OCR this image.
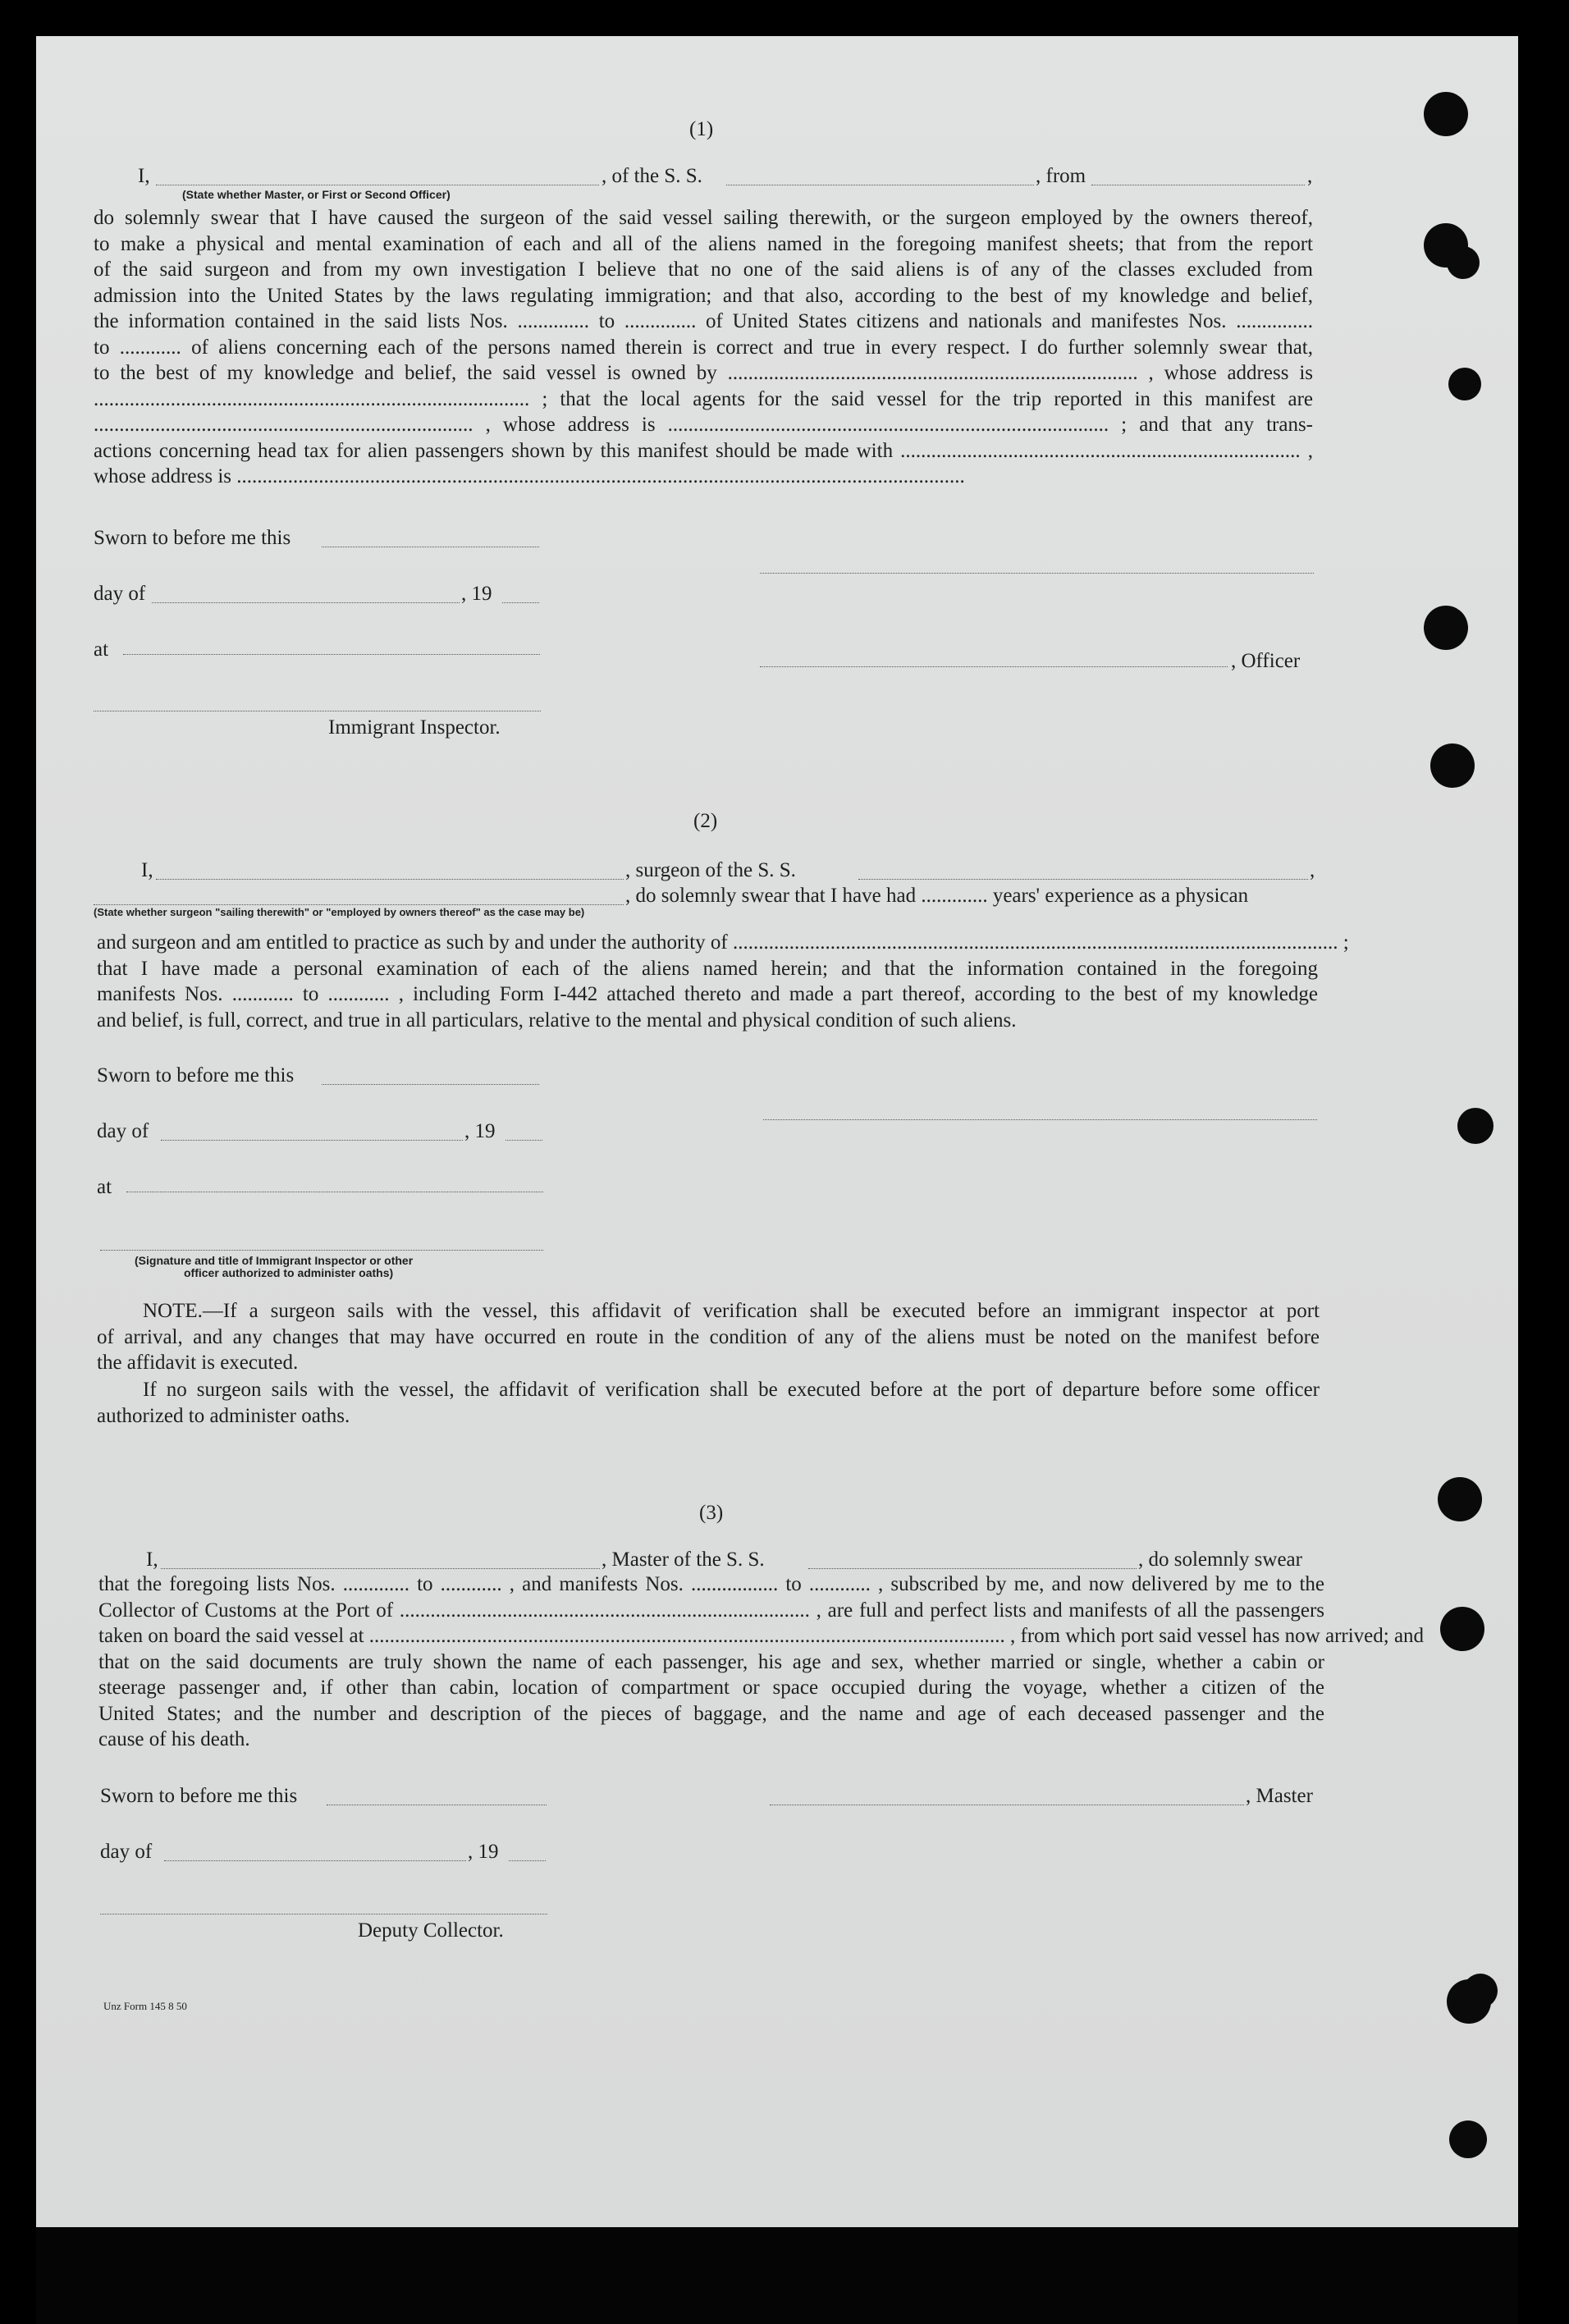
(1)
I,	, of the S. S.	, from	,
(State whether Master, or First or Second Officer)
do solemnly swear that I have caused the surgeon of the said vessel sailing therewith, or the surgeon employed by the owners thereof,
to make a physical and mental examination of each and all of the aliens named in the foregoing manifest sheets; that from the report
of the said surgeon and from my own investigation I believe that no one of the said aliens is of any of the classes excluded from
admission into the United States by the laws regulating immigration; and that also, according to the best of my knowledge and belief,
the information contained in the said lists Nos. .............. to .............. of United States citizens and nationals and manifestes Nos. ...............
to ............ of aliens concerning each of the persons named therein is correct and true in every respect. I do further solemnly swear that,
to the best of my knowledge and belief, the said vessel is owned by ................................................................................ , whose address is
..................................................................................... ; that the local agents for the said vessel for the trip reported in this manifest are
.......................................................................... , whose address is ...................................................................................... ; and that any trans-
actions concerning head tax for alien passengers shown by this manifest should be made with .............................................................................. ,
whose address is ..............................................................................................................................................
Sworn to before me this
day of	, 19
at
, Officer
Immigrant Inspector.
(2)
I,	, surgeon of the S. S.	,
, do solemnly swear that I have had ............. years' experience as a physican
(State whether surgeon "sailing therewith" or "employed by owners thereof" as the case may be)
and surgeon and am entitled to practice as such by and under the authority of ...................................................................................................................... ;
that I have made a personal examination of each of the aliens named herein; and that the information contained in the foregoing
manifests Nos. ............ to ............ , including Form I-442 attached thereto and made a part thereof, according to the best of my knowledge
and belief, is full, correct, and true in all particulars, relative to the mental and physical condition of such aliens.
Sworn to before me this
day of	, 19
at
(Signature and title of Immigrant Inspector or other
officer authorized to administer oaths)
NOTE.—If a surgeon sails with the vessel, this affidavit of verification shall be executed before an immigrant inspector at port
of arrival, and any changes that may have occurred en route in the condition of any of the aliens must be noted on the manifest before
the affidavit is executed.
If no surgeon sails with the vessel, the affidavit of verification shall be executed before at the port of departure before some officer
authorized to administer oaths.
(3)
I,	, Master of the S. S.	, do solemnly swear
that the foregoing lists Nos. ............. to ............ , and manifests Nos. ................. to ............ , subscribed by me, and now delivered by me to the
Collector of Customs at the Port of ................................................................................ , are full and perfect lists and manifests of all the passengers
taken on board the said vessel at ............................................................................................................................ , from which port said vessel has now arrived; and
that on the said documents are truly shown the name of each passenger, his age and sex, whether married or single, whether a cabin or
steerage passenger and, if other than cabin, location of compartment or space occupied during the voyage, whether a citizen of the
United States; and the number and description of the pieces of baggage, and the name and age of each deceased passenger and the
cause of his death.
Sworn to before me this	, Master
day of	, 19
Deputy Collector.
Unz Form 145 8 50
